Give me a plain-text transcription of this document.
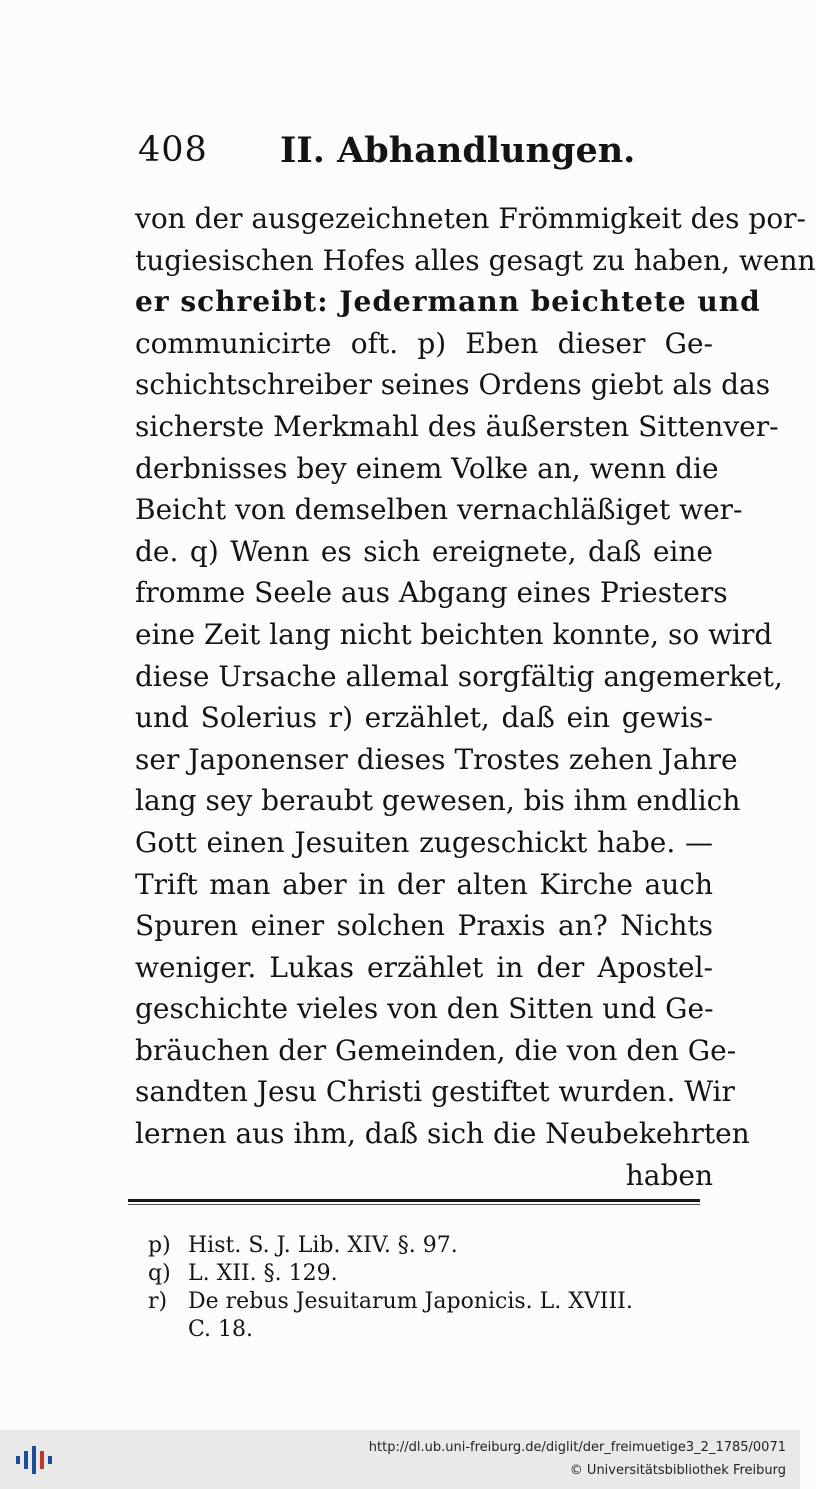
408 II. Abhandlungen.
von der ausgezeichneten Frömmigkeit des por-
tugiesischen Hofes alles gesagt zu haben, wenn
er schreibt: Jedermann beichtete und
communicirte oft. p) Eben dieser Ge-
schichtschreiber seines Ordens giebt als das
sicherste Merkmahl des äußersten Sittenver-
derbnisses bey einem Volke an, wenn die
Beicht von demselben vernachläßiget wer-
de. q) Wenn es sich ereignete, daß eine
fromme Seele aus Abgang eines Priesters
eine Zeit lang nicht beichten konnte, so wird
diese Ursache allemal sorgfältig angemerket,
und Solerius r) erzählet, daß ein gewis-
ser Japonenser dieses Trostes zehen Jahre
lang sey beraubt gewesen, bis ihm endlich
Gott einen Jesuiten zugeschickt habe. —
Trift man aber in der alten Kirche auch
Spuren einer solchen Praxis an? Nichts
weniger. Lukas erzählet in der Apostel-
geschichte vieles von den Sitten und Ge-
bräuchen der Gemeinden, die von den Ge-
sandten Jesu Christi gestiftet wurden. Wir
lernen aus ihm, daß sich die Neubekehrten
haben
p) Hist. S. J. Lib. XIV. §. 97.
q) L. XII. §. 129.
r) De rebus Jesuitarum Japonicis. L. XVIII.
C. 18.
http://dl.ub.uni-freiburg.de/diglit/der_freimuetige3_2_1785/0071
© Universitätsbibliothek Freiburg
